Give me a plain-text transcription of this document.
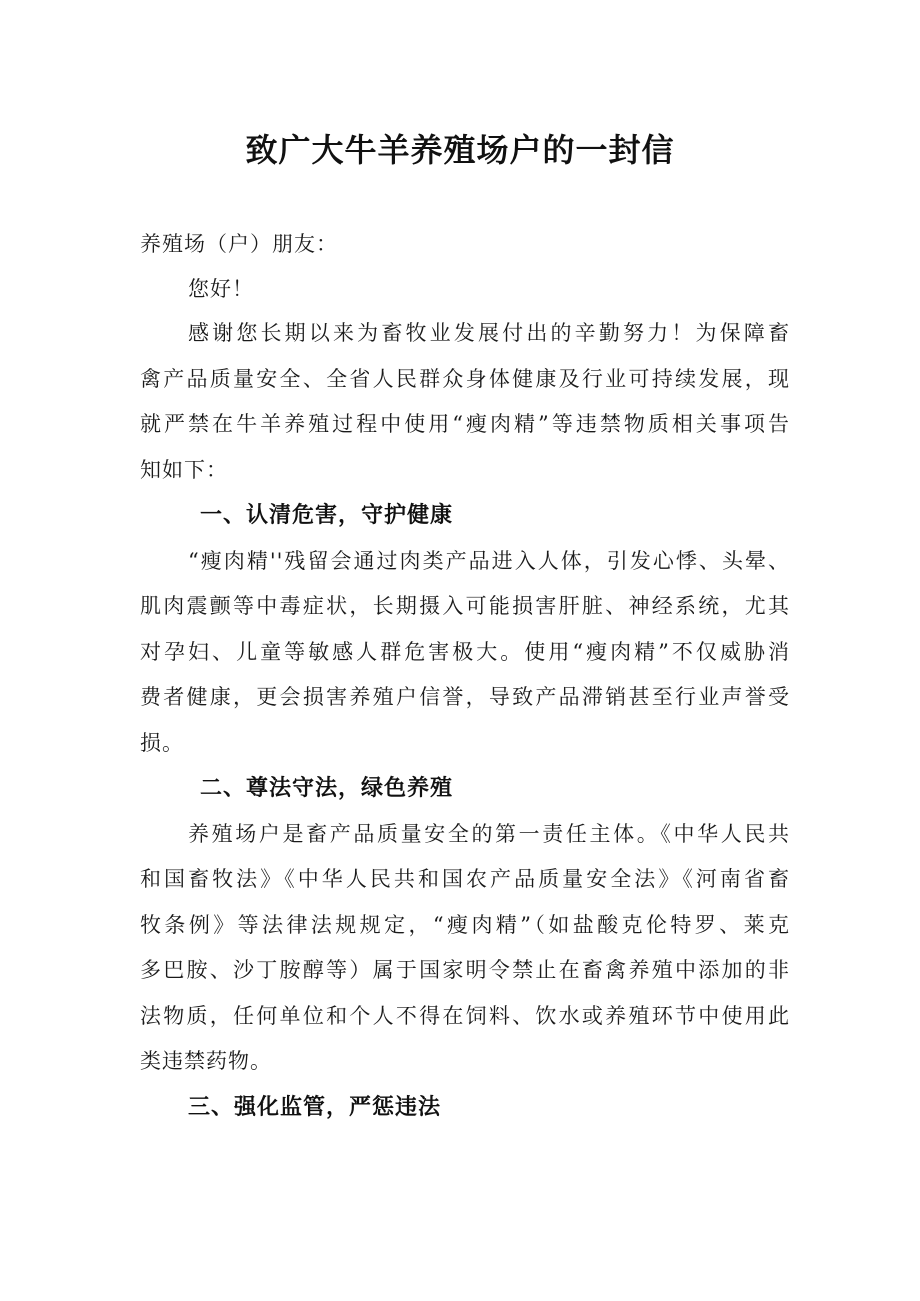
致广大牛羊养殖场户的一封信
养殖场（户）朋友：
您好！
感谢您长期以来为畜牧业发展付出的辛勤努力！为保障畜
禽产品质量安全、全省人民群众身体健康及行业可持续发展，现
就严禁在牛羊养殖过程中使用“瘦肉精”等违禁物质相关事项告
知如下：
一、认清危害，守护健康
“瘦肉精''残留会通过肉类产品进入人体，引发心悸、头晕、
肌肉震颤等中毒症状，长期摄入可能损害肝脏、神经系统，尤其
对孕妇、儿童等敏感人群危害极大。使用“瘦肉精”不仅威胁消
费者健康，更会损害养殖户信誉，导致产品滞销甚至行业声誉受
损。
二、尊法守法，绿色养殖
养殖场户是畜产品质量安全的第一责任主体。《中华人民共
和国畜牧法》《中华人民共和国农产品质量安全法》《河南省畜
牧条例》等法律法规规定，“瘦肉精”（如盐酸克伦特罗、莱克
多巴胺、沙丁胺醇等）属于国家明令禁止在畜禽养殖中添加的非
法物质，任何单位和个人不得在饲料、饮水或养殖环节中使用此
类违禁药物。
三、强化监管，严惩违法
